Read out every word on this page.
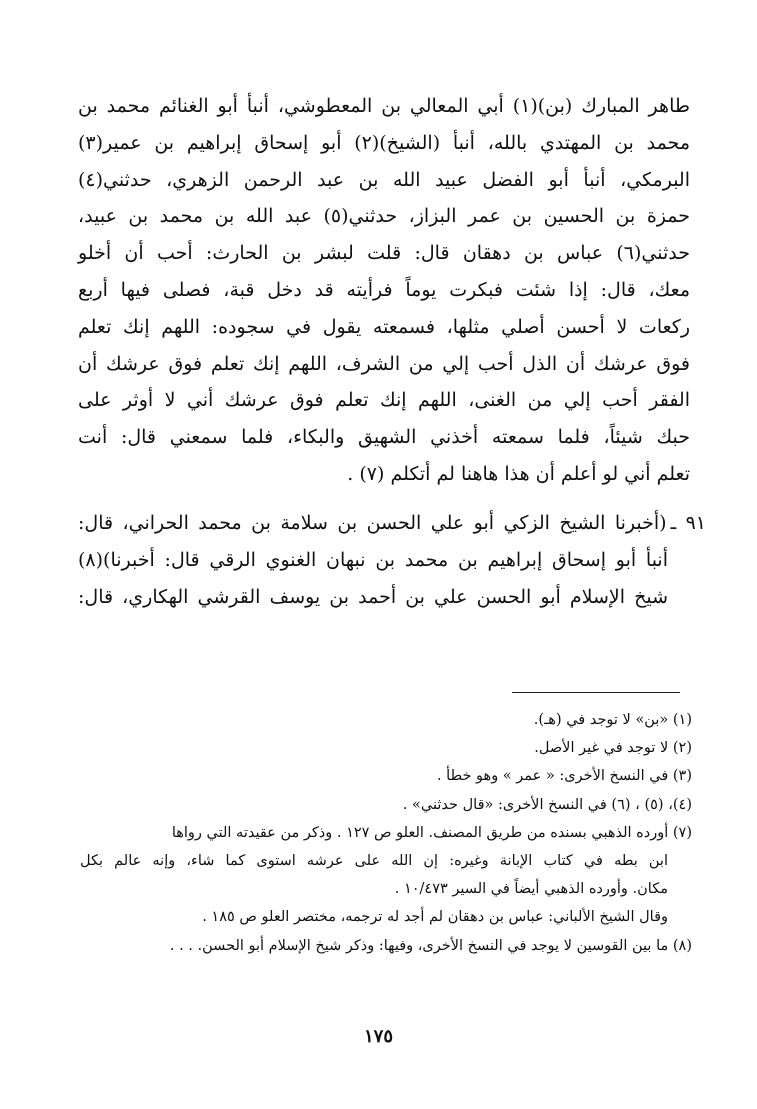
طاهر المبارك (بن)(١) أبي المعالي بن المعطوشي، أنبأ أبو الغنائم محمد بن
محمد بن المهتدي بالله، أنبأ (الشيخ)(٢) أبو إسحاق إبراهيم بن عمير(٣)
البرمكي، أنبأ أبو الفضل عبيد الله بن عبد الرحمن الزهري، حدثني(٤)
حمزة بن الحسين بن عمر البزاز، حدثني(٥) عبد الله بن محمد بن عبيد،
حدثني(٦) عباس بن دهقان قال: قلت لبشر بن الحارث: أحب أن أخلو
معك، قال: إذا شئت فبكرت يوماً فرأيته قد دخل قبة، فصلى فيها أربع
ركعات لا أحسن أصلي مثلها، فسمعته يقول في سجوده: اللهم إنك تعلم
فوق عرشك أن الذل أحب إلي من الشرف، اللهم إنك تعلم فوق عرشك أن
الفقر أحب إلي من الغنى، اللهم إنك تعلم فوق عرشك أني لا أوثر على
حبك شيئاً، فلما سمعته أخذني الشهيق والبكاء، فلما سمعني قال: أنت
تعلم أني لو أعلم أن هذا هاهنا لم أتكلم (٧) .
٩١ ـ(أخبرنا الشيخ الزكي أبو علي الحسن بن سلامة بن محمد الحراني، قال:
أنبأ أبو إسحاق إبراهيم بن محمد بن نبهان الغنوي الرقي قال: أخبرنا)(٨)
شيخ الإسلام أبو الحسن علي بن أحمد بن يوسف القرشي الهكاري، قال:
(١) «بن» لا توجد في (هـ).
(٢) لا توجد في غير الأصل.
(٣) في النسخ الأخرى: « عمر » وهو خطأ .
(٤)، (٥) ، (٦) في النسخ الأخرى: «قال حدثني» .
(٧) أورده الذهبي بسنده من طريق المصنف. العلو ص ١٢٧ . وذكر من عقيدته التي رواها
ابن بطه في كتاب الإبانة وغيره: إن الله على عرشه استوى كما شاء، وإنه عالم بكل
مكان. وأورده الذهبي أيضاً في السير ١٠/٤٧٣ .
وقال الشيخ الألباني: عباس بن دهقان لم أجد له ترجمه، مختصر العلو ص ١٨٥ .
(٨) ما بين القوسين لا يوجد في النسخ الأخرى، وفيها: وذكر شيخ الإسلام أبو الحسن. . . .
١٧٥
